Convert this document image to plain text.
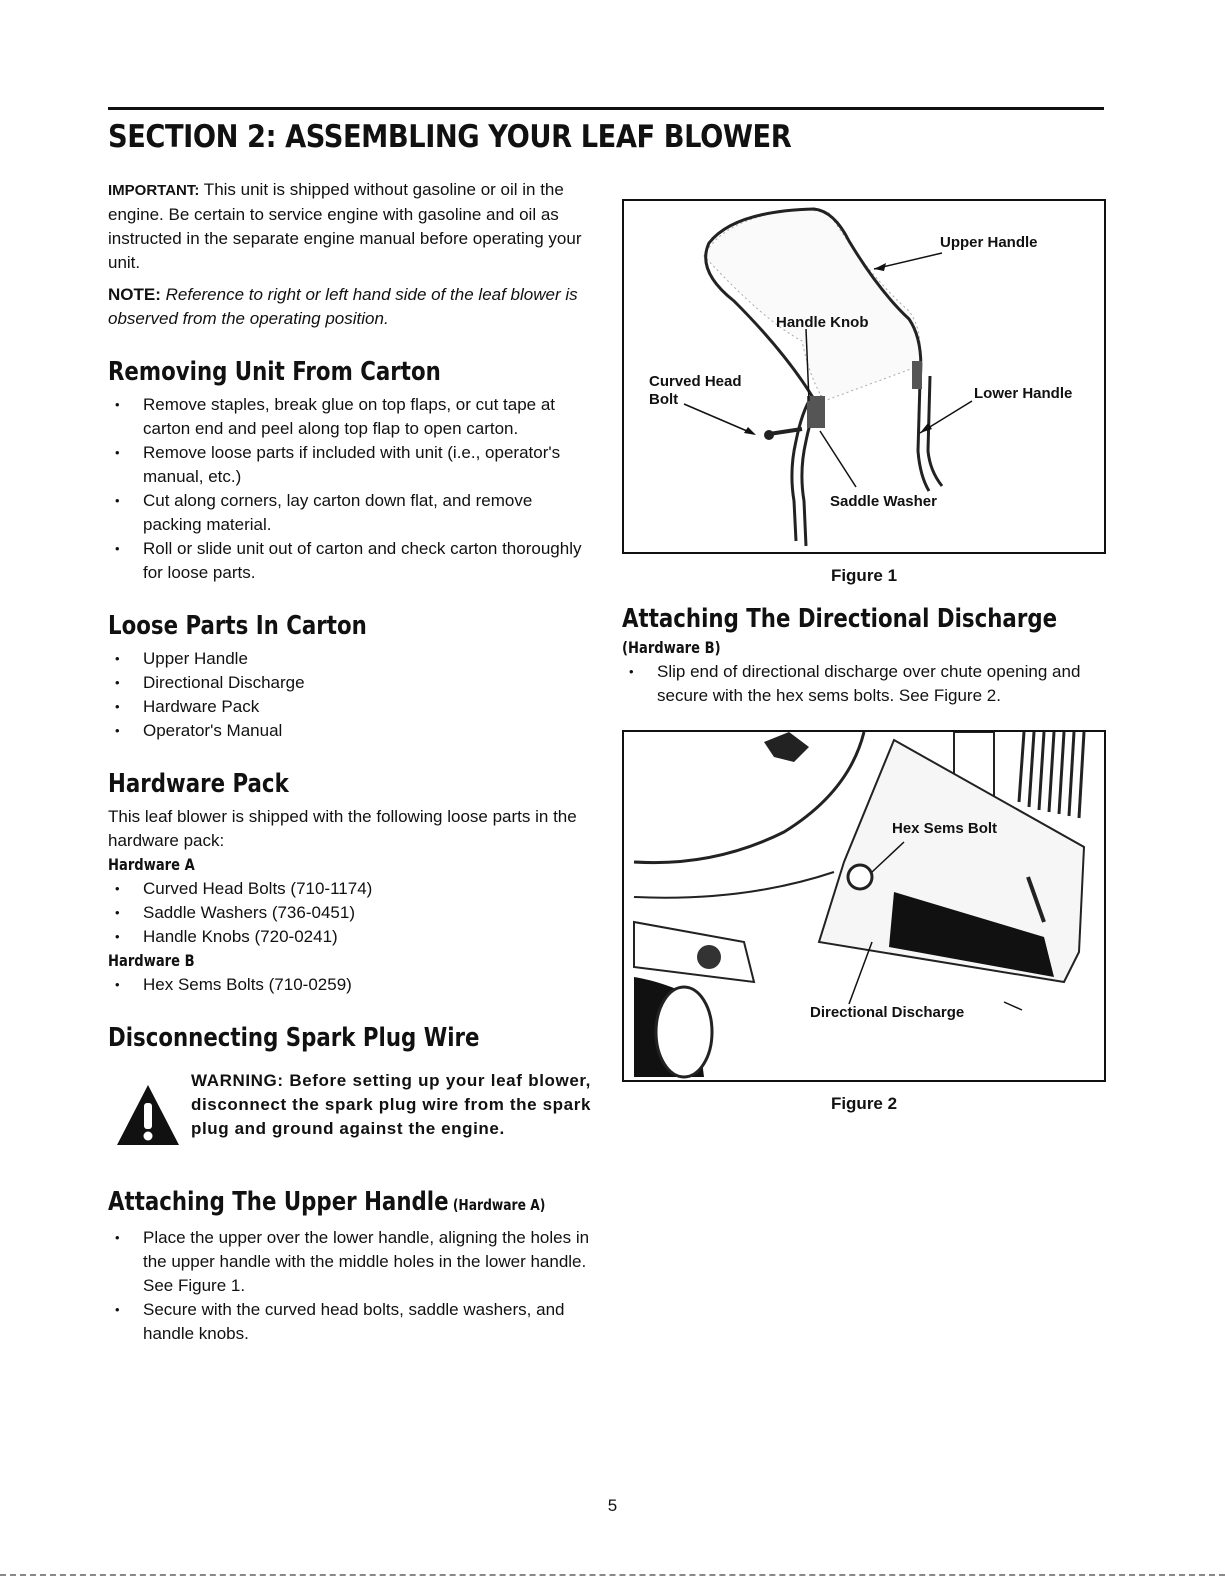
SECTION 2: ASSEMBLING YOUR LEAF BLOWER

IMPORTANT: This unit is shipped without gasoline or oil in the engine. Be certain to service engine with gasoline and oil as instructed in the separate engine manual before operating your unit.

NOTE: Reference to right or left hand side of the leaf blower is observed from the operating position.

Removing Unit From Carton
• Remove staples, break glue on top flaps, or cut tape at carton end and peel along top flap to open carton.
• Remove loose parts if included with unit (i.e., operator's manual, etc.)
• Cut along corners, lay carton down flat, and remove packing material.
• Roll or slide unit out of carton and check carton thoroughly for loose parts.
Loose Parts In Carton
• Upper Handle
• Directional Discharge
• Hardware Pack
• Operator's Manual
Hardware Pack

This leaf blower is shipped with the following loose parts in the hardware pack:

Hardware A
• Curved Head Bolts (710-1174)
• Saddle Washers (736-0451)
• Handle Knobs (720-0241)
Hardware B
• Hex Sems Bolts (710-0259)
Disconnecting Spark Plug Wire
WARNING: Before setting up your leaf blower, disconnect the spark plug wire from the spark plug and ground against the engine.
Attaching The Upper Handle (Hardware A)
• Place the upper over the lower handle, aligning the holes in the upper handle with the middle holes in the lower handle. See Figure 1.
• Secure with the curved head bolts, saddle washers, and handle knobs.
Upper Handle
Handle Knob
Curved Head
Bolt	Lower Handle
Saddle Washer
Figure 1
Attaching The Directional Discharge
(Hardware B)
• Slip end of directional discharge over chute opening and secure with the hex sems bolts. See Figure 2.
Hex Sems Bolt
Directional Discharge
Figure 2
5
